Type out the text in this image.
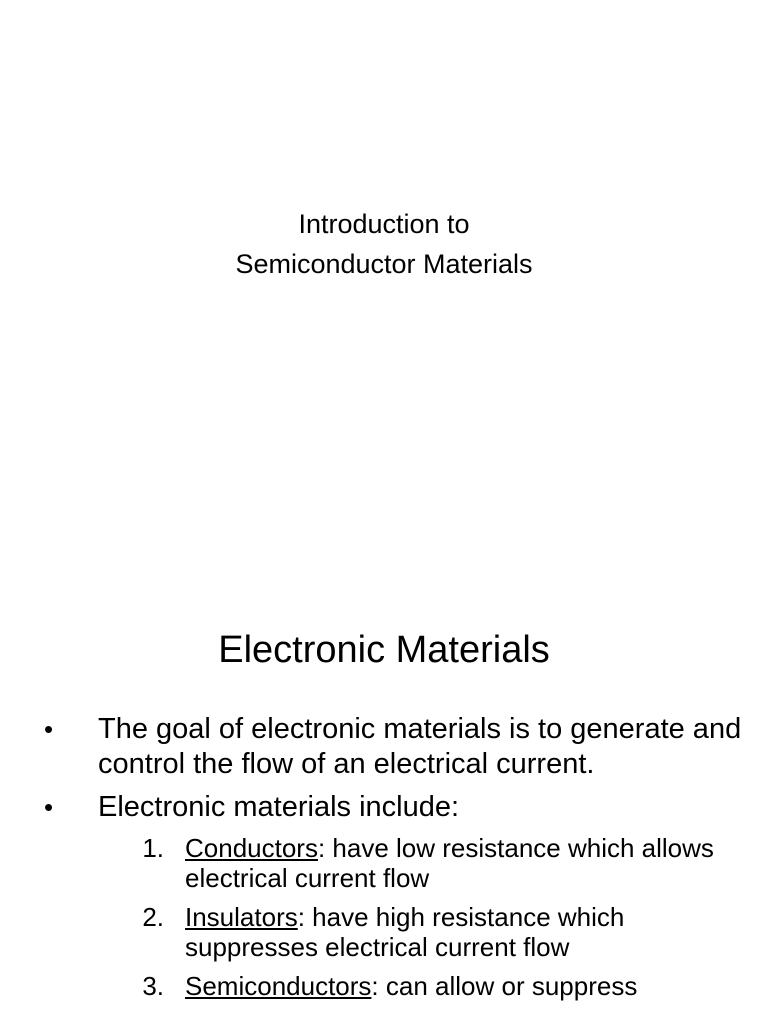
Introduction to
Semiconductor Materials
Electronic Materials
• The goal of electronic materials is to generate and control the flow of an electrical current.
• Electronic materials include:
1. Conductors: have low resistance which allows electrical current flow
2. Insulators: have high resistance which suppresses electrical current flow
3. Semiconductors: can allow or suppress
